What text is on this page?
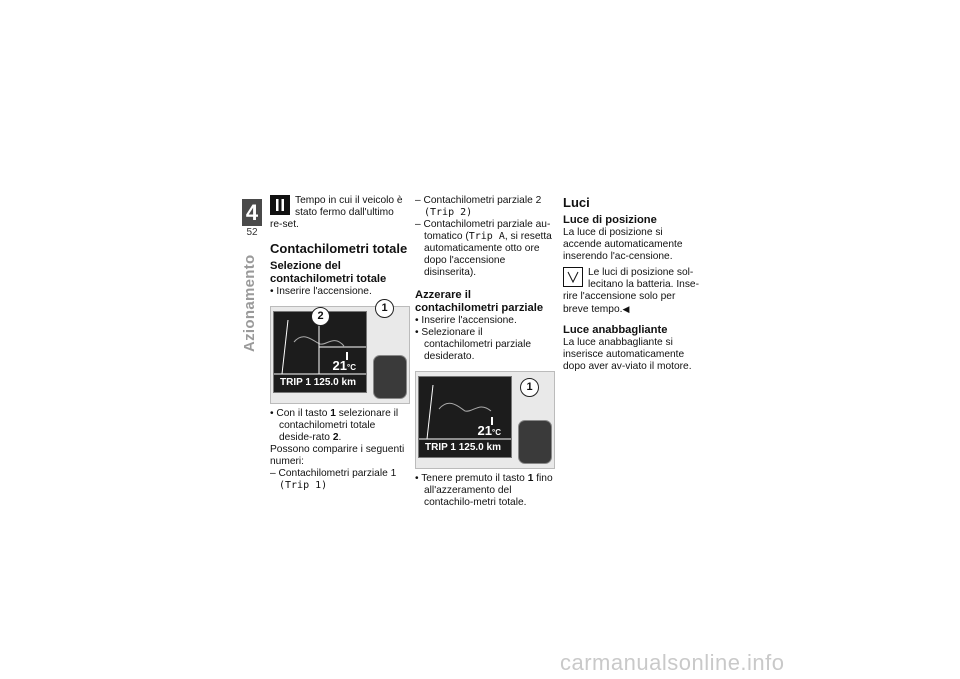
4
52
Azionamento

Tempo in cui il veicolo è stato fermo dall'ultimo re-set.

Contachilometri totale
Selezione del contachilometri totale

• Inserire l'accensione.

21°C
TRIP 1 125.0 km
2
1

• Con il tasto 1 selezionare il contachilometri totale deside-rato 2.

Possono comparire i seguenti numeri:

– Contachilometri parziale 1

(Trip 1)

– Contachilometri parziale 2

(Trip 2)

– Contachilometri parziale au-tomatico (Trip A, si resetta automaticamente otto ore dopo l'accensione disinserita).

Azzerare il contachilometri parziale

• Inserire l'accensione.

• Selezionare il contachilometri parziale desiderato.

21°C
TRIP 1 125.0 km
1

• Tenere premuto il tasto 1 fino all'azzeramento del contachilo-metri totale.

Luci
Luce di posizione

La luce di posizione si accende automaticamente inserendo l'ac-censione.

Le luci di posizione sol-lecitano la batteria. Inse-rire l'accensione solo per breve tempo.◀

Luce anabbagliante

La luce anabbagliante si inserisce automaticamente dopo aver av-viato il motore.

carmanualsonline.info
